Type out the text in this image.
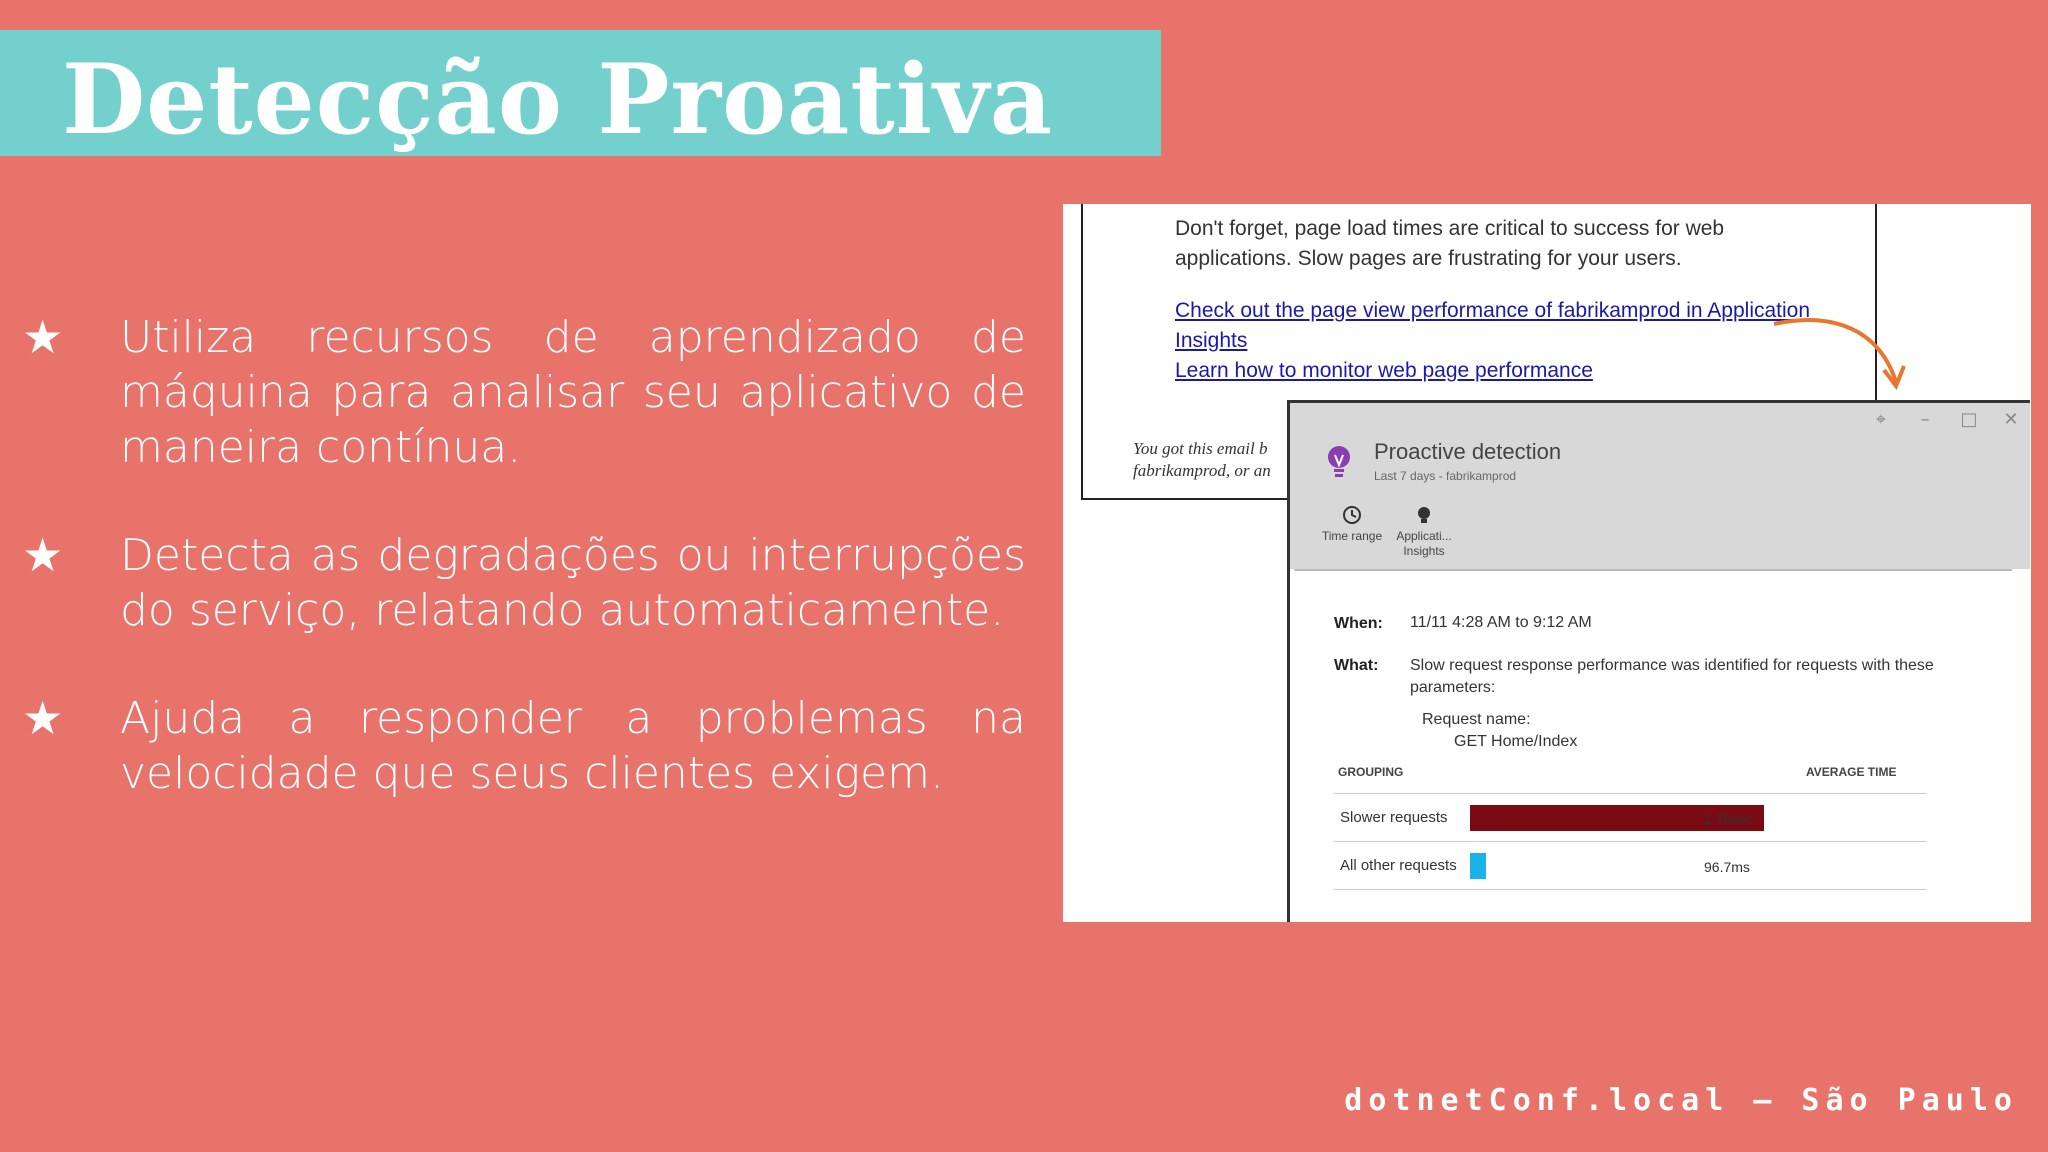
Detecção Proativa
★ Utiliza recursos de aprendizado de máquina para analisar seu aplicativo de maneira contínua.
★ Detecta as degradações ou interrupções do serviço, relatando automaticamente.
★ Ajuda a responder a problemas na velocidade que seus clientes exigem.
Don't forget, page load times are critical to success for web applications. Slow pages are frustrating for your users.
Check out the page view performance of fabrikamprod in Application Insights
Learn how to monitor web page performance
You got this email b
fabrikamprod, or an
Proactive detection
Last 7 days - fabrikamprod
⌖	–	□ ✕
Time range	Applicati... Insights
When: 11/11 4:28 AM to 9:12 AM
What: Slow request response performance was identified for requests with these parameters:
Request name:
GET Home/Index
GROUPING	AVERAGE TIME
Slower requests	1.78sec
All other requests	96.7ms
dotnetConf.local – São Paulo
